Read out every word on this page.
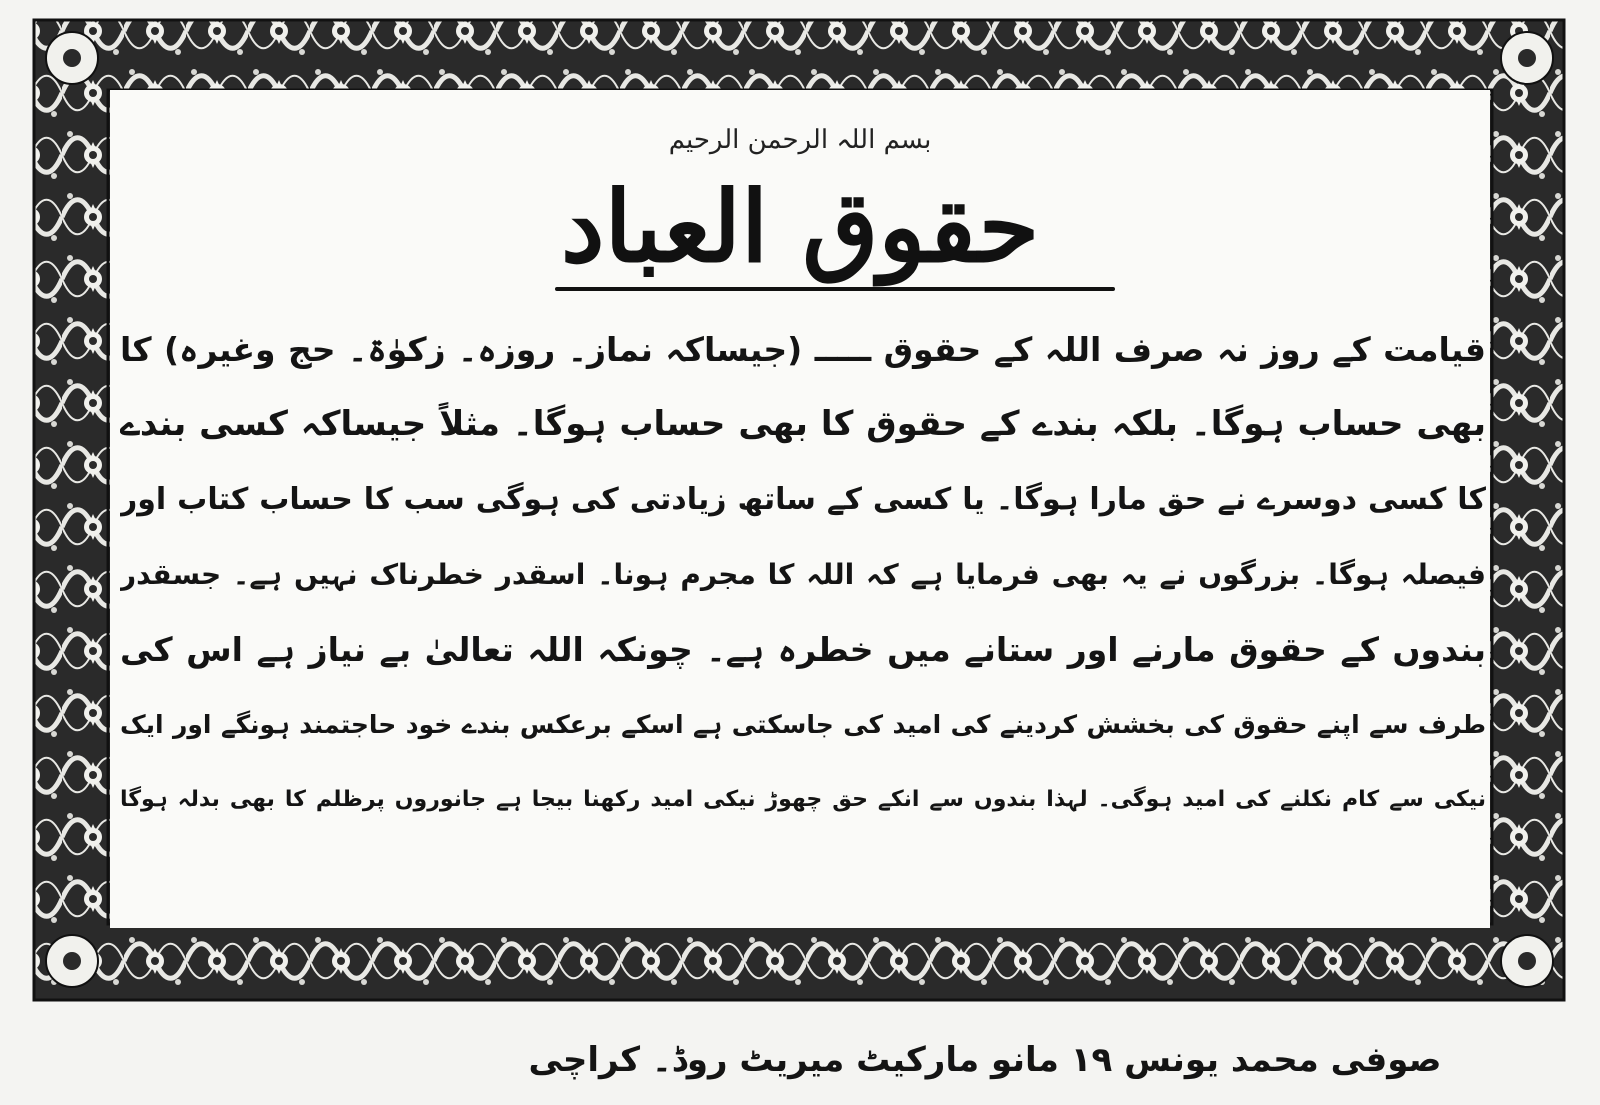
بسم اللہ الرحمن الرحیم
حقوق العباد
قیامت کے روز نہ صرف اللہ کے حقوق ـــــ (جیساکہ نماز۔ روزہ۔ زکوٰۃ۔ حج وغیرہ) کا
بھی حساب ہوگا۔ بلکہ بندے کے حقوق کا بھی حساب ہوگا۔ مثلاً جیساکہ کسی بندے
کا کسی دوسرے نے حق مارا ہوگا۔ یا کسی کے ساتھ زیادتی کی ہوگی سب کا حساب کتاب اور
فیصلہ ہوگا۔ بزرگوں نے یہ بھی فرمایا ہے کہ اللہ کا مجرم ہونا۔ اسقدر خطرناک نہیں ہے۔ جسقدر
بندوں کے حقوق مارنے اور ستانے میں خطرہ ہے۔ چونکہ اللہ تعالیٰ بے نیاز ہے اس کی
طرف سے اپنے حقوق کی بخشش کردینے کی امید کی جاسکتی ہے اسکے برعکس بندے خود حاجتمند ہونگے اور ایک
نیکی سے کام نکلنے کی امید ہوگی۔ لہذا بندوں سے انکے حق چھوڑ نیکی امید رکھنا بیجا ہے جانوروں پرظلم کا بھی بدلہ ہوگا
صوفی محمد یونس ۱۹ مانو مارکیٹ میریٹ روڈ۔ کراچی
